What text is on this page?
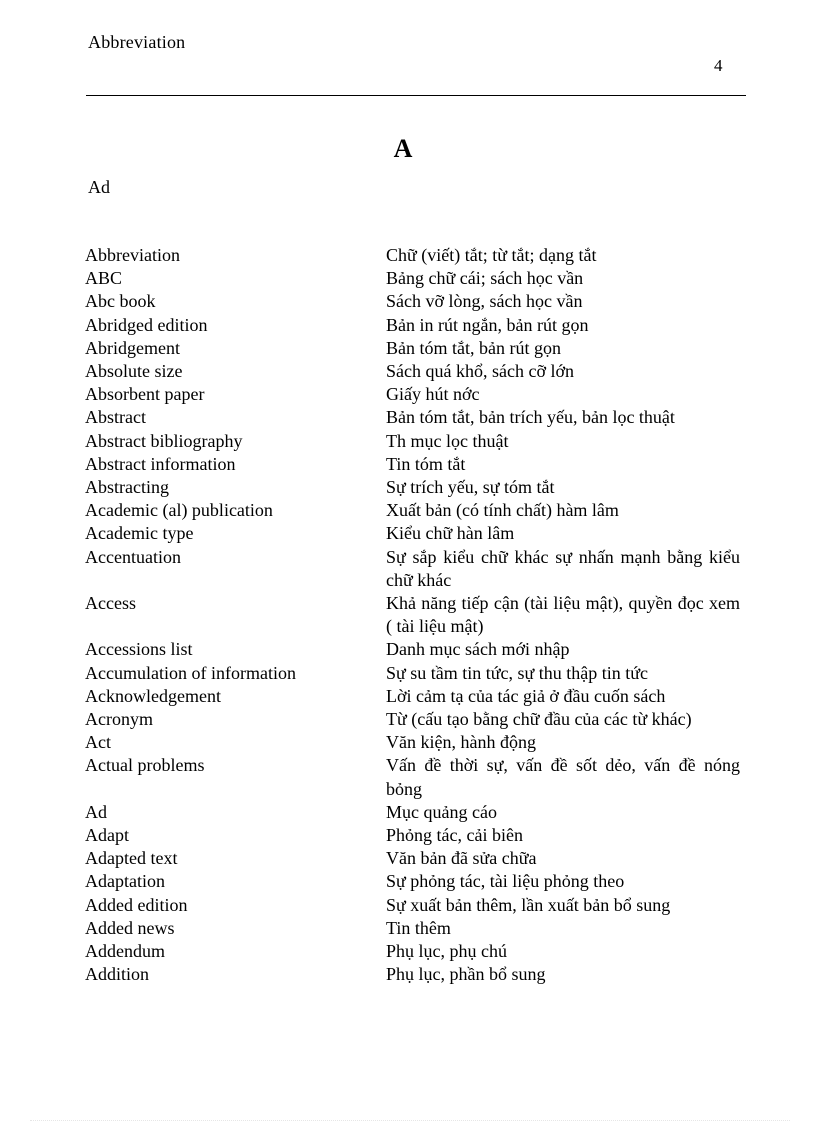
Abbreviation
4
A
Ad
Abbreviation	Chữ (viết) tắt; từ tắt; dạng tắt
ABC	Bảng chữ cái; sách học vần
Abc book	Sách vỡ lòng, sách học vần
Abridged edition	Bản in rút ngắn, bản rút gọn
Abridgement	Bản tóm tắt, bản rút gọn
Absolute size	Sách quá khổ, sách cỡ lớn
Absorbent paper	Giấy hút nớc
Abstract	Bản tóm tắt, bản trích yếu, bản lọc thuật
Abstract bibliography	Th mục lọc thuật
Abstract information	Tin tóm tắt
Abstracting	Sự trích yếu, sự tóm tắt
Academic (al) publication	Xuất bản (có tính chất) hàm lâm
Academic type	Kiểu chữ hàn lâm
Accentuation	Sự sắp kiểu chữ khác sự nhấn mạnh bằng kiểu chữ khác
Access	Khả năng tiếp cận (tài liệu mật), quyền đọc xem ( tài liệu mật)
Accessions list	Danh mục sách mới nhập
Accumulation of information	Sự su tầm tin tức, sự thu thập tin tức
Acknowledgement	Lời cảm tạ của tác giả ở đầu cuốn sách
Acronym	Từ (cấu tạo bằng chữ đầu của các từ khác)
Act	Văn kiện, hành động
Actual problems	Vấn đề thời sự, vấn đề sốt dẻo, vấn đề nóng bỏng
Ad	Mục quảng cáo
Adapt	Phỏng tác, cải biên
Adapted text	Văn bản đã sửa chữa
Adaptation	Sự phỏng tác, tài liệu phỏng theo
Added edition	Sự xuất bản thêm, lần xuất bản bổ sung
Added news	Tin thêm
Addendum	Phụ lục, phụ chú
Addition	Phụ lục, phần bổ sung
